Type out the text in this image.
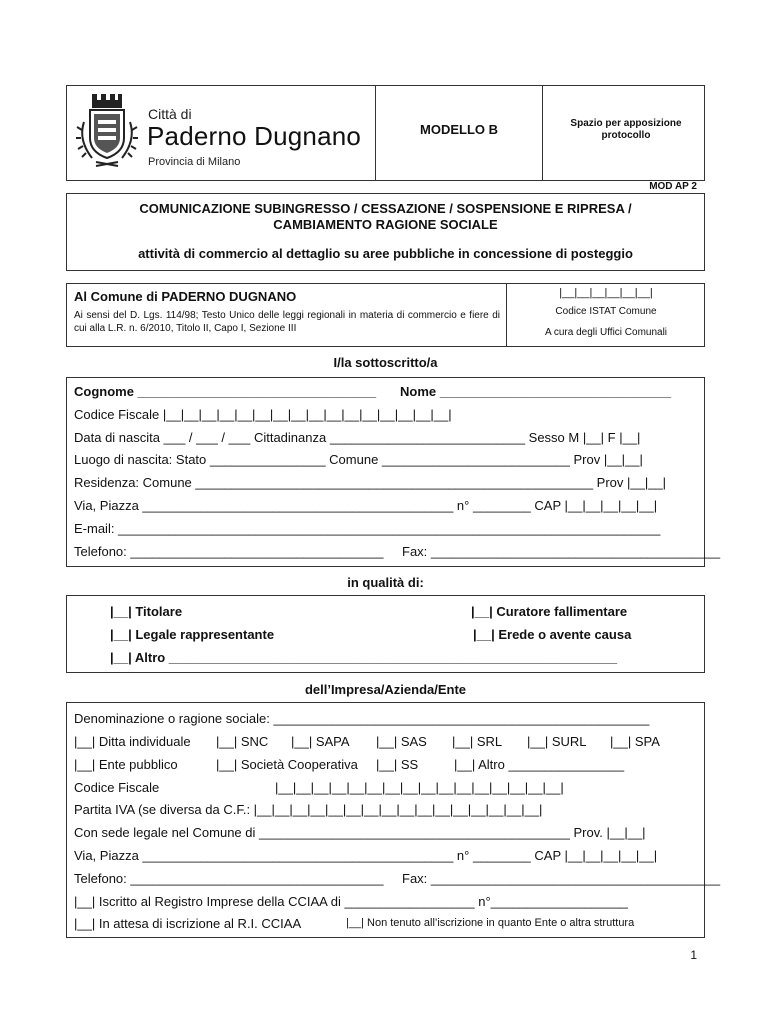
Città di
Paderno Dugnano
Provincia di Milano
MODELLO B	Spazio per apposizione protocollo
MOD AP 2
COMUNICAZIONE SUBINGRESSO / CESSAZIONE / SOSPENSIONE E RIPRESA /
CAMBIAMENTO RAGIONE SOCIALE
attività di commercio al dettaglio su aree pubbliche in concessione di posteggio
Al Comune di PADERNO DUGNANO
Ai sensi del D. Lgs. 114/98; Testo Unico delle leggi regionali in materia di commercio e fiere di cui alla L.R. n. 6/2010, Titolo II, Capo I, Sezione III
|__|__|__|__|__|__|
Codice ISTAT Comune
A cura degli Uffici Comunali
I/la sottoscritto/a
Cognome _________________________________ Nome ________________________________
Codice Fiscale |__|__|__|__|__|__|__|__|__|__|__|__|__|__|__|__|
Data di nascita ___ / ___ / ___ Cittadinanza ___________________________ Sesso M |__| F |__|
Luogo di nascita: Stato ________________ Comune __________________________ Prov |__|__|
Residenza: Comune _______________________________________________________ Prov |__|__|
Via, Piazza ___________________________________________ n° ________ CAP |__|__|__|__|__|
E-mail: ___________________________________________________________________________
Telefono: ___________________________________ Fax: ________________________________________
in qualità di:
|__| Titolare	|__| Curatore fallimentare
|__| Legale rappresentante	|__| Erede o avente causa
|__| Altro ______________________________________________________________
dell’Impresa/Azienda/Ente
Denominazione o ragione sociale: ____________________________________________________
|__| Ditta individuale |__| SNC |__| SAPA |__| SAS |__| SRL |__| SURL |__| SPA
|__| Ente pubblico	|__| Società Cooperativa |__| SS	|__| Altro ________________
Codice Fiscale	|__|__|__|__|__|__|__|__|__|__|__|__|__|__|__|__|
Partita IVA (se diversa da C.F.: |__|__|__|__|__|__|__|__|__|__|__|__|__|__|__|__|
Con sede legale nel Comune di ___________________________________________ Prov. |__|__|
Via, Piazza ___________________________________________ n° ________ CAP |__|__|__|__|__|
Telefono: ___________________________________ Fax: ________________________________________
|__| Iscritto al Registro Imprese della CCIAA di __________________ n°___________________
|__| In attesa di iscrizione al R.I. CCIAA	|__| Non tenuto all’iscrizione in quanto Ente o altra struttura
1
